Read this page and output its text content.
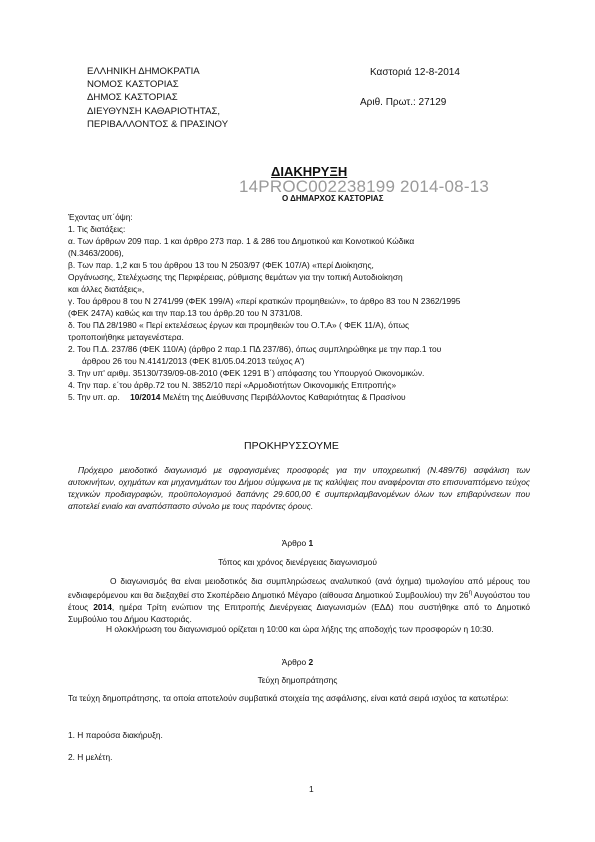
ΕΛΛΗΝΙΚΗ ΔΗΜΟΚΡΑΤΙΑ
ΝΟΜΟΣ ΚΑΣΤΟΡΙΑΣ
ΔΗΜΟΣ ΚΑΣΤΟΡΙΑΣ
ΔΙΕΥΘΥΝΣΗ ΚΑΘΑΡΙΟΤΗΤΑΣ,
ΠΕΡΙΒΑΛΛΟΝΤΟΣ & ΠΡΑΣΙΝΟΥ
Καστοριά 12-8-2014
Αριθ. Πρωτ.: 27129
ΔΙΑΚΗΡΥΞΗ
14PROC002238199 2014-08-13
Ο ΔΗΜΑΡΧΟΣ ΚΑΣΤΟΡΙΑΣ
Έχοντας υπ΄όψη:
1. Τις διατάξεις:
α. Των άρθρων 209 παρ. 1 και άρθρο 273 παρ. 1 & 286 του Δημοτικού και Κοινοτικού Κώδικα
(Ν.3463/2006),
β. Των παρ. 1,2 και 5 του άρθρου 13 του Ν 2503/97 (ΦΕΚ 107/Α) «περί Διοίκησης,
Οργάνωσης, Στελέχωσης της Περιφέρειας, ρύθμισης θεμάτων για την τοπική Αυτοδιοίκηση
και άλλες διατάξεις»,
γ. Του άρθρου 8 του Ν 2741/99 (ΦΕΚ 199/Α) «περί κρατικών προμηθειών», το άρθρο 83 του Ν 2362/1995
(ΦΕΚ 247Α) καθώς και την παρ.13 του άρθρ.20 του Ν 3731/08.
δ. Του ΠΔ 28/1980 « Περί εκτελέσεως έργων και προμηθειών του Ο.Τ.Α» ( ΦΕΚ 11/Α), όπως
τροποποιήθηκε μεταγενέστερα.
2. Του Π.Δ. 237/86 (ΦΕΚ 110/Α) (άρθρο 2 παρ.1 ΠΔ 237/86), όπως συμπληρώθηκε με την παρ.1 του
άρθρου 26 του Ν.4141/2013 (ΦΕΚ 81/05.04.2013 τεύχος Α')
3. Την υπ' αριθμ. 35130/739/09-08-2010 (ΦΕΚ 1291 Β΄) απόφασης του Υπουργού Οικονομικών.
4. Την παρ. ε΄του άρθρ.72 του Ν. 3852/10 περί «Αρμοδιοτήτων Οικονομικής Επιτροπής»
5. Την υπ. αρ. 10/2014 Μελέτη της Διεύθυνσης Περιβάλλοντος Καθαριότητας & Πρασίνου
ΠΡΟΚΗΡΥΣΣΟΥΜΕ
Πρόχειρο μειοδοτικό διαγωνισμό με σφραγισμένες προσφορές για την υποχρεωτική (Ν.489/76) ασφάλιση των αυτοκινήτων, οχημάτων και μηχανημάτων του Δήμου σύμφωνα με τις καλύψεις που αναφέρονται στο επισυναπτόμενο τεύχος τεχνικών προδιαγραφών, προϋπολογισμού δαπάνης 29.600,00 € συμπεριλαμβανομένων όλων των επιβαρύνσεων που αποτελεί ενιαίο και αναπόσπαστο σύνολο με τους παρόντες όρους.
Άρθρο 1
Τόπος και χρόνος διενέργειας διαγωνισμού
Ο διαγωνισμός θα είναι μειοδοτικός δια συμπληρώσεως αναλυτικού (ανά όχημα) τιμολογίου από μέρους του ενδιαφερόμενου και θα διεξαχθεί στο Σκοπέρδειο Δημοτικό Μέγαρο (αίθουσα Δημοτικού Συμβουλίου) την $26^\eta$ Αυγούστου του έτους 2014, ημέρα Τρίτη ενώπιον της Επιτροπής Διενέργειας Διαγωνισμών (ΕΔΔ) που συστήθηκε από το Δημοτικό Συμβούλιο του Δήμου Καστοριάς.
Η ολοκλήρωση του διαγωνισμού ορίζεται η 10:00 και ώρα λήξης της αποδοχής των προσφορών η 10:30.
Άρθρο 2
Τεύχη δημοπράτησης
Τα τεύχη δημοπράτησης, τα οποία αποτελούν συμβατικά στοιχεία της ασφάλισης, είναι κατά σειρά ισχύος τα κατωτέρω:
1. Η παρούσα διακήρυξη.
2. Η μελέτη.
1
